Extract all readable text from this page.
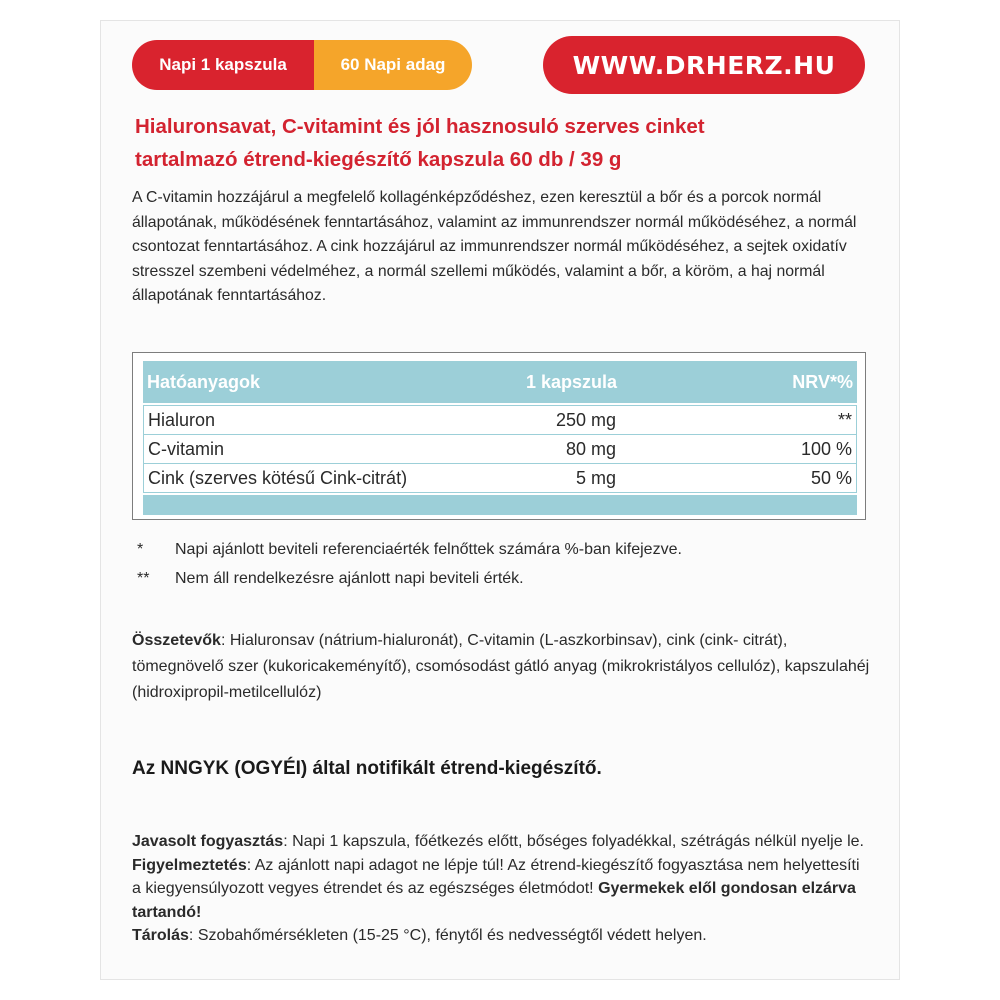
Napi 1 kapszula	60 Napi adag	WWW.DRHERZ.HU
Hialuronsavat, C-vitamint és jól hasznosuló szerves cinket
tartalmazó étrend-kiegészítő kapszula 60 db / 39 g

A C-vitamin hozzájárul a megfelelő kollagénképződéshez, ezen keresztül a bőr és a porcok normál állapotának, működésének fenntartásához, valamint az immunrendszer normál működéséhez, a normál csontozat fenntartásához. A cink hozzájárul az immunrendszer normál működéséhez, a sejtek oxidatív stresszel szembeni védelméhez, a normál szellemi működés, valamint a bőr, a köröm, a haj normál állapotának fenntartásához.

Hatóanyagok	1 kapszula	NRV*%
Hialuron	250 mg	**
C-vitamin	80 mg	100 %
Cink (szerves kötésű Cink-citrát)	5 mg	50 %
*	Napi ajánlott beviteli referenciaérték felnőttek számára %-ban kifejezve.
**	Nem áll rendelkezésre ajánlott napi beviteli érték.

Összetevők: Hialuronsav (nátrium-hialuronát), C-vitamin (L-aszkorbinsav), cink (cink- citrát), tömegnövelő szer (kukoricakeményítő), csomósodást gátló anyag (mikrokristályos cellulóz), kapszulahéj (hidroxipropil-metilcellulóz)

Az NNGYK (OGYÉI) által notifikált étrend-kiegészítő.

Javasolt fogyasztás: Napi 1 kapszula, főétkezés előtt, bőséges folyadékkal, szétrágás nélkül nyelje le. Figyelmeztetés: Az ajánlott napi adagot ne lépje túl! Az étrend-kiegészítő fogyasztása nem helyettesíti a kiegyensúlyozott vegyes étrendet és az egészséges életmódot! Gyermekek elől gondosan elzárva tartandó!
Tárolás: Szobahőmérsékleten (15-25 °C), fénytől és nedvességtől védett helyen.
